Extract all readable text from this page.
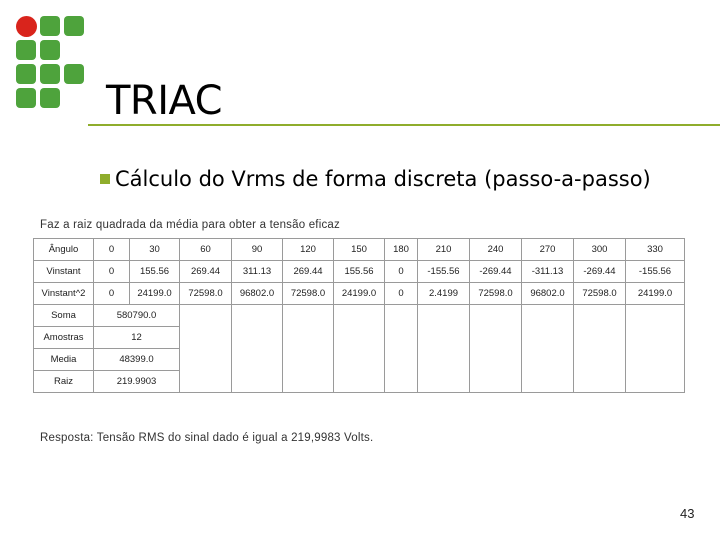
TRIAC
Cálculo do Vrms de forma discreta (passo-a-passo)
Faz a raiz quadrada da média para obter a tensão eficaz
Ângulo	0	30	60	90	120	150	180	210	240	270	300	330
Vinstant	0	155.56	269.44	311.13	269.44	155.56	0	-155.56	-269.44	-311.13	-269.44	-155.56
Vinstant^2	0	24199.0	72598.0	96802.0	72598.0	24199.0	0	2.4199	72598.0	96802.0	72598.0	24199.0
Soma	580790.0											
Amostras	12											
Media	48399.0											
Raiz	219.9903											
Resposta: Tensão RMS do sinal dado é igual a 219,9983 Volts.
43
